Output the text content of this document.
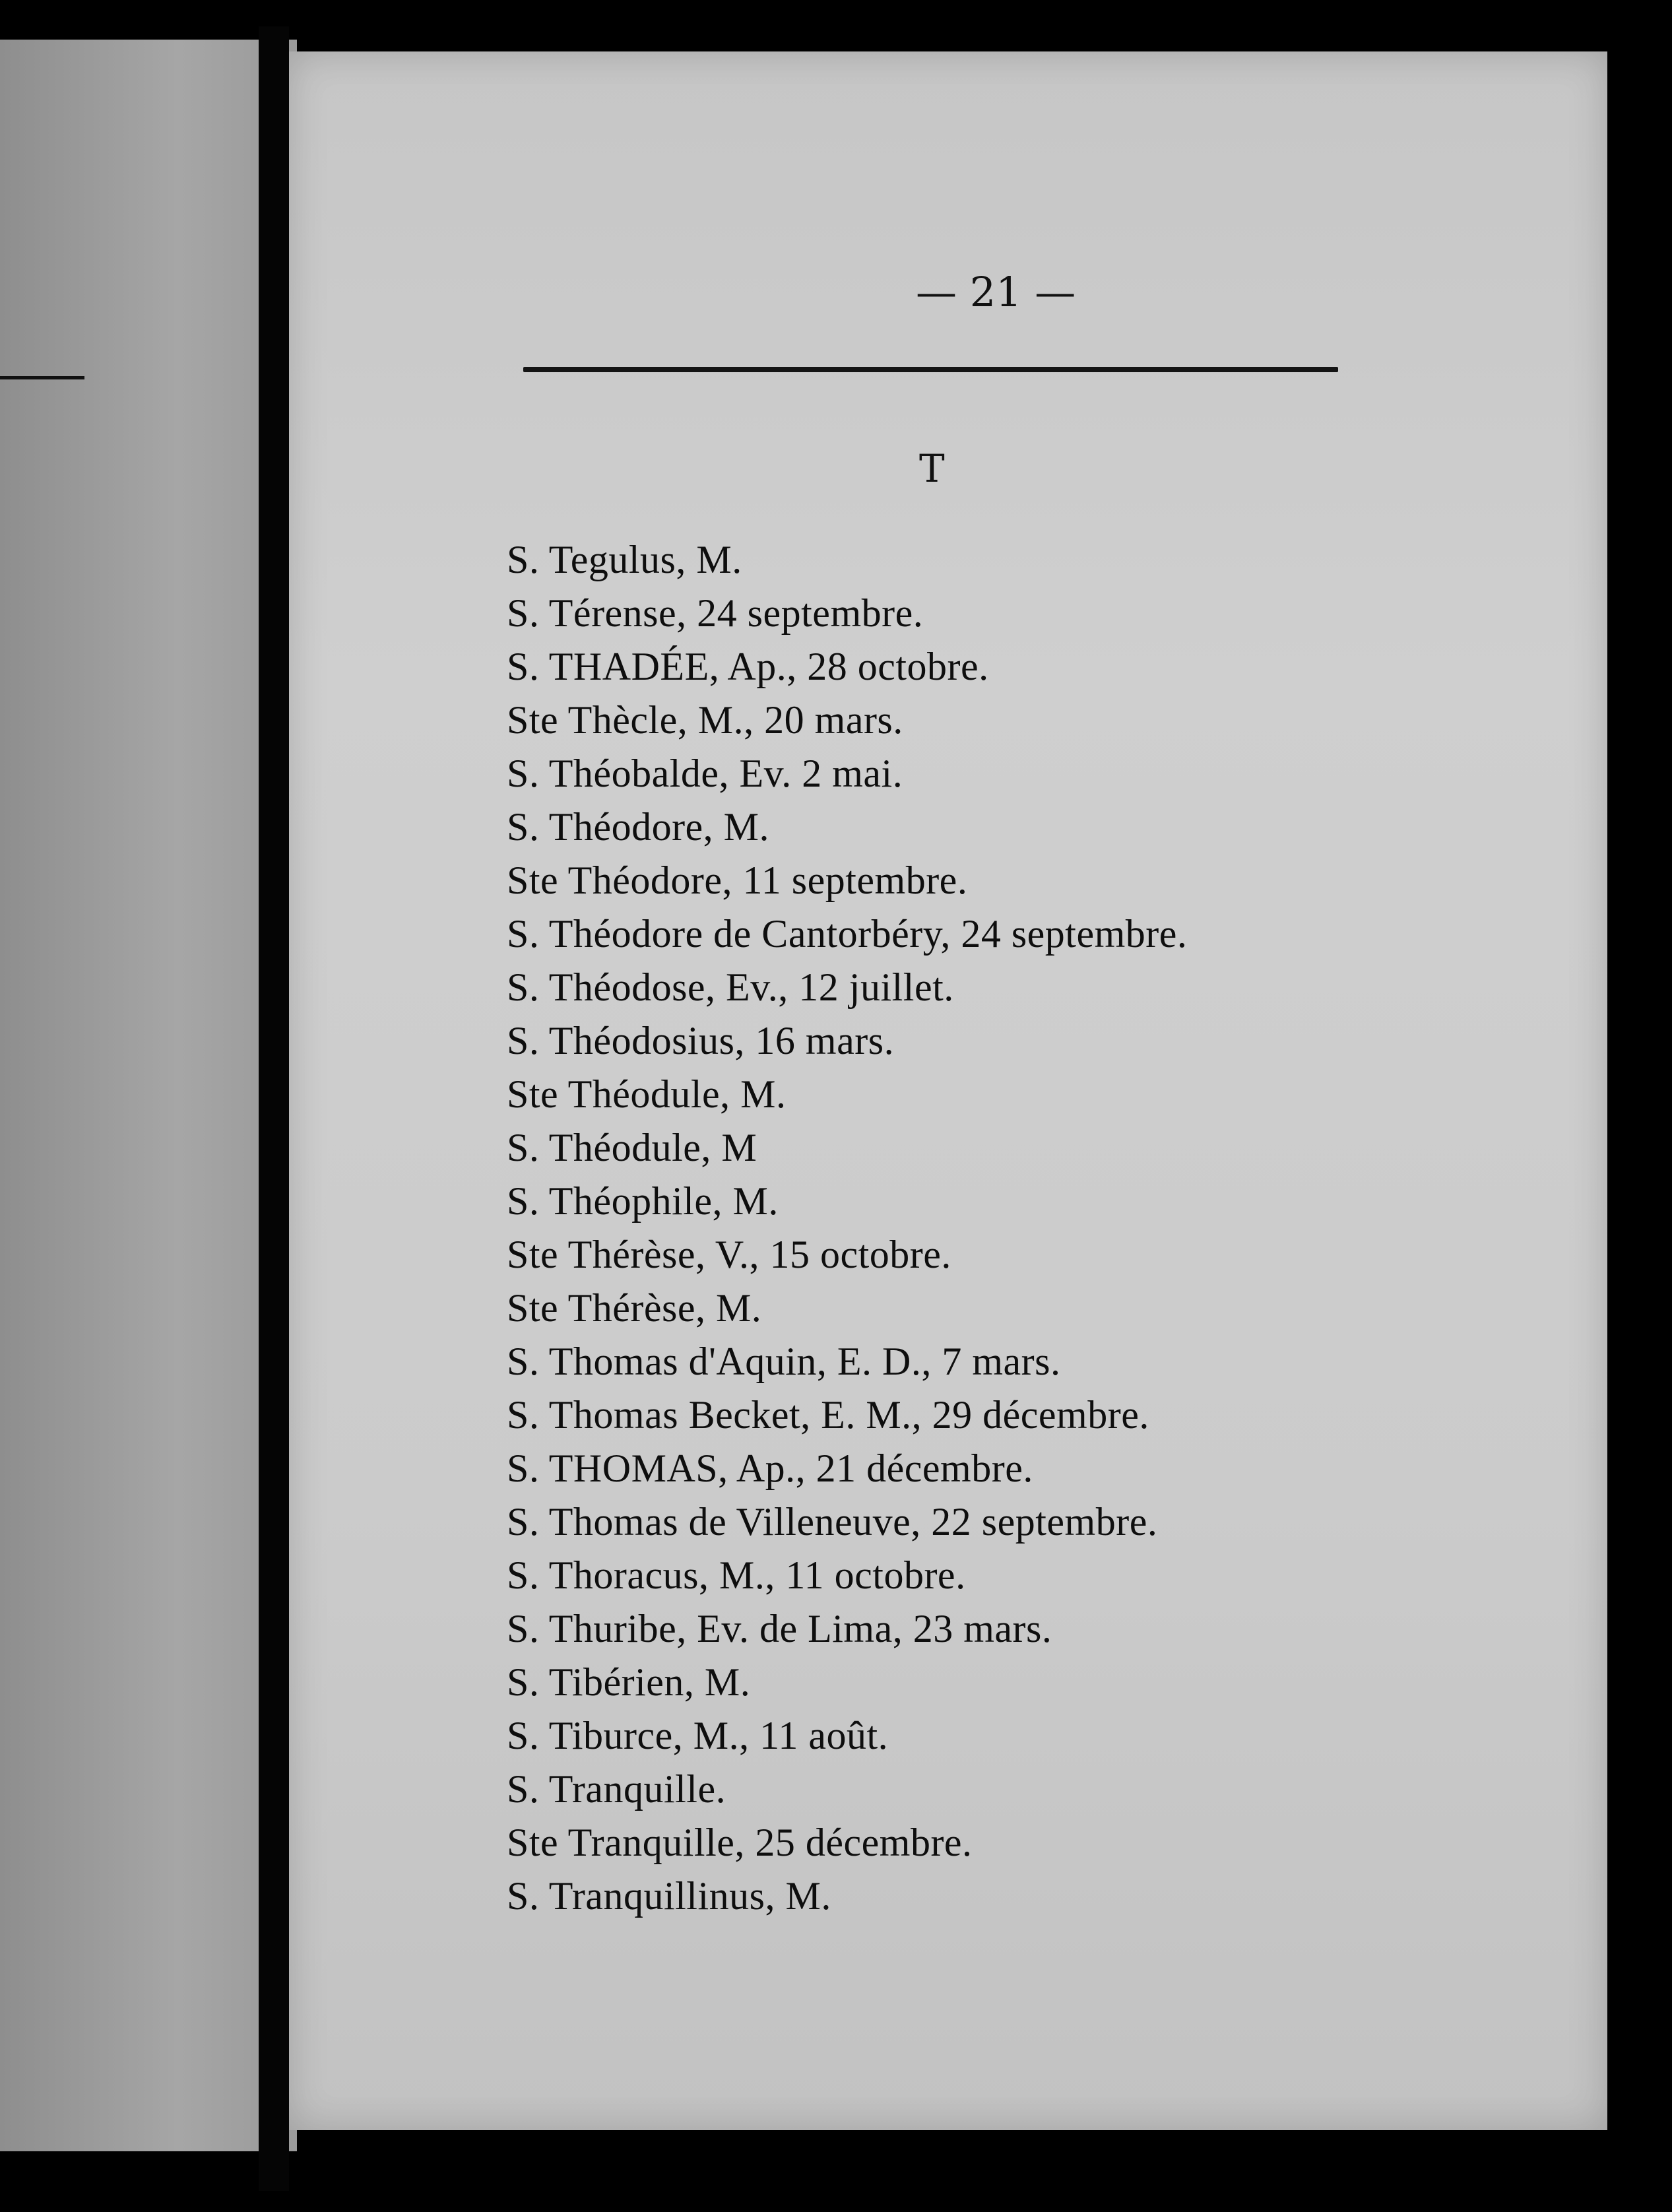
— 21 —
T
S. Tegulus, M.
S. Térense, 24 septembre.
S. THADÉE, Ap., 28 octobre.
Ste Thècle, M., 20 mars.
S. Théobalde, Ev. 2 mai.
S. Théodore, M.
Ste Théodore, 11 septembre.
S. Théodore de Cantorbéry, 24 septembre.
S. Théodose, Ev., 12 juillet.
S. Théodosius, 16 mars.
Ste Théodule, M.
S. Théodule, M
S. Théophile, M.
Ste Thérèse, V., 15 octobre.
Ste Thérèse, M.
S. Thomas d'Aquin, E. D., 7 mars.
S. Thomas Becket, E. M., 29 décembre.
S. THOMAS, Ap., 21 décembre.
S. Thomas de Villeneuve, 22 septembre.
S. Thoracus, M., 11 octobre.
S. Thuribe, Ev. de Lima, 23 mars.
S. Tibérien, M.
S. Tiburce, M., 11 août.
S. Tranquille.
Ste Tranquille, 25 décembre.
S. Tranquillinus, M.
